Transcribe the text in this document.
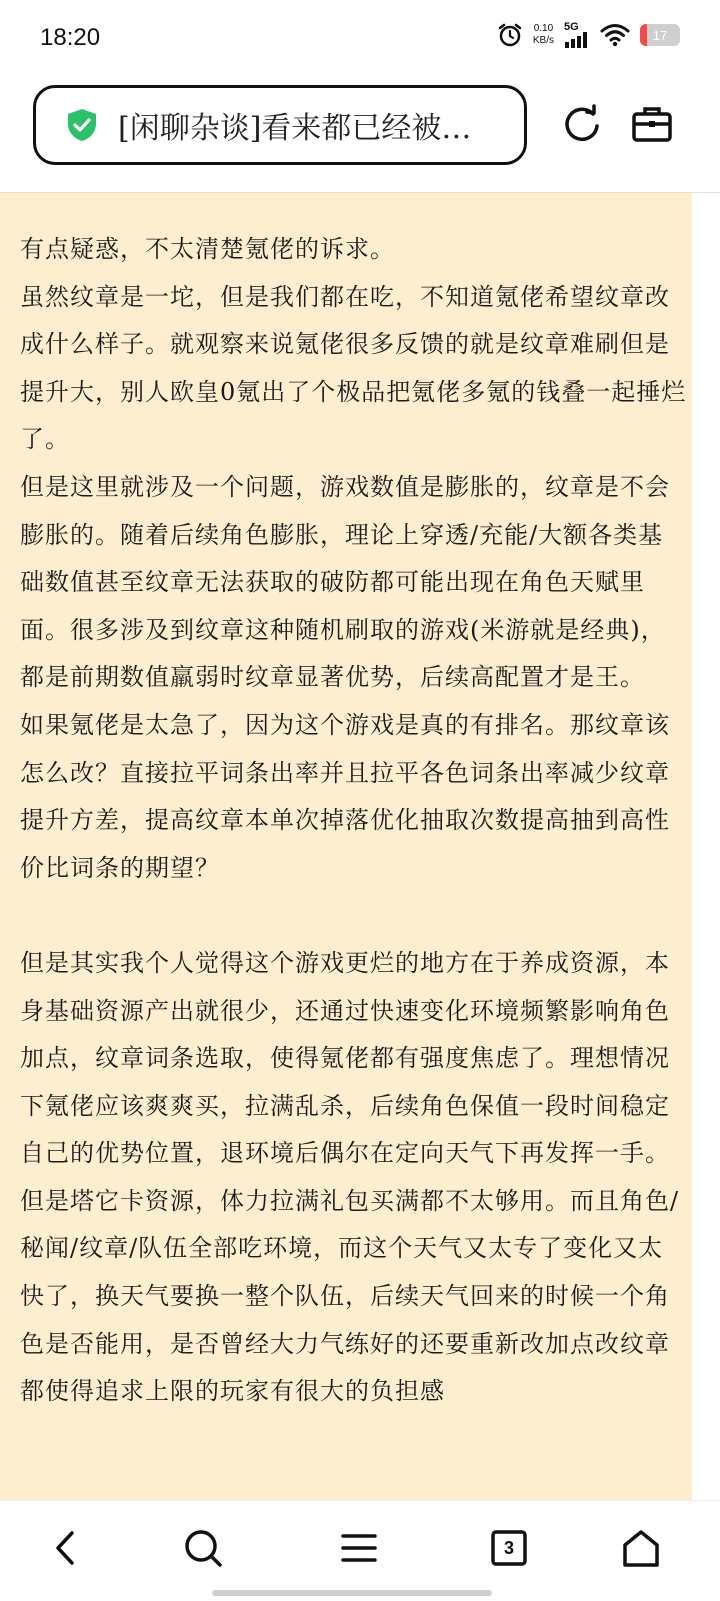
18:20	0.10
KB/s
5G
17
[闲聊杂谈]看来都已经被…

有点疑惑，不太清楚氪佬的诉求。

虽然纹章是一坨，但是我们都在吃，不知道氪佬希望纹章改成什么样子。就观察来说氪佬很多反馈的就是纹章难刷但是提升大，别人欧皇0氪出了个极品把氪佬多氪的钱叠一起捶烂了。

但是这里就涉及一个问题，游戏数值是膨胀的，纹章是不会膨胀的。随着后续角色膨胀，理论上穿透/充能/大额各类基础数值甚至纹章无法获取的破防都可能出现在角色天赋里面。很多涉及到纹章这种随机刷取的游戏(米游就是经典)，都是前期数值羸弱时纹章显著优势，后续高配置才是王。

如果氪佬是太急了，因为这个游戏是真的有排名。那纹章该怎么改？直接拉平词条出率并且拉平各色词条出率减少纹章提升方差，提高纹章本单次掉落优化抽取次数提高抽到高性价比词条的期望？

但是其实我个人觉得这个游戏更烂的地方在于养成资源，本身基础资源产出就很少，还通过快速变化环境频繁影响角色加点，纹章词条选取，使得氪佬都有强度焦虑了。理想情况下氪佬应该爽爽买，拉满乱杀，后续角色保值一段时间稳定自己的优势位置，退环境后偶尔在定向天气下再发挥一手。但是塔它卡资源，体力拉满礼包买满都不太够用。而且角色/秘闻/纹章/队伍全部吃环境，而这个天气又太专了变化又太快了，换天气要换一整个队伍，后续天气回来的时候一个角色是否能用，是否曾经大力气练好的还要重新改加点改纹章都使得追求上限的玩家有很大的负担感

3
